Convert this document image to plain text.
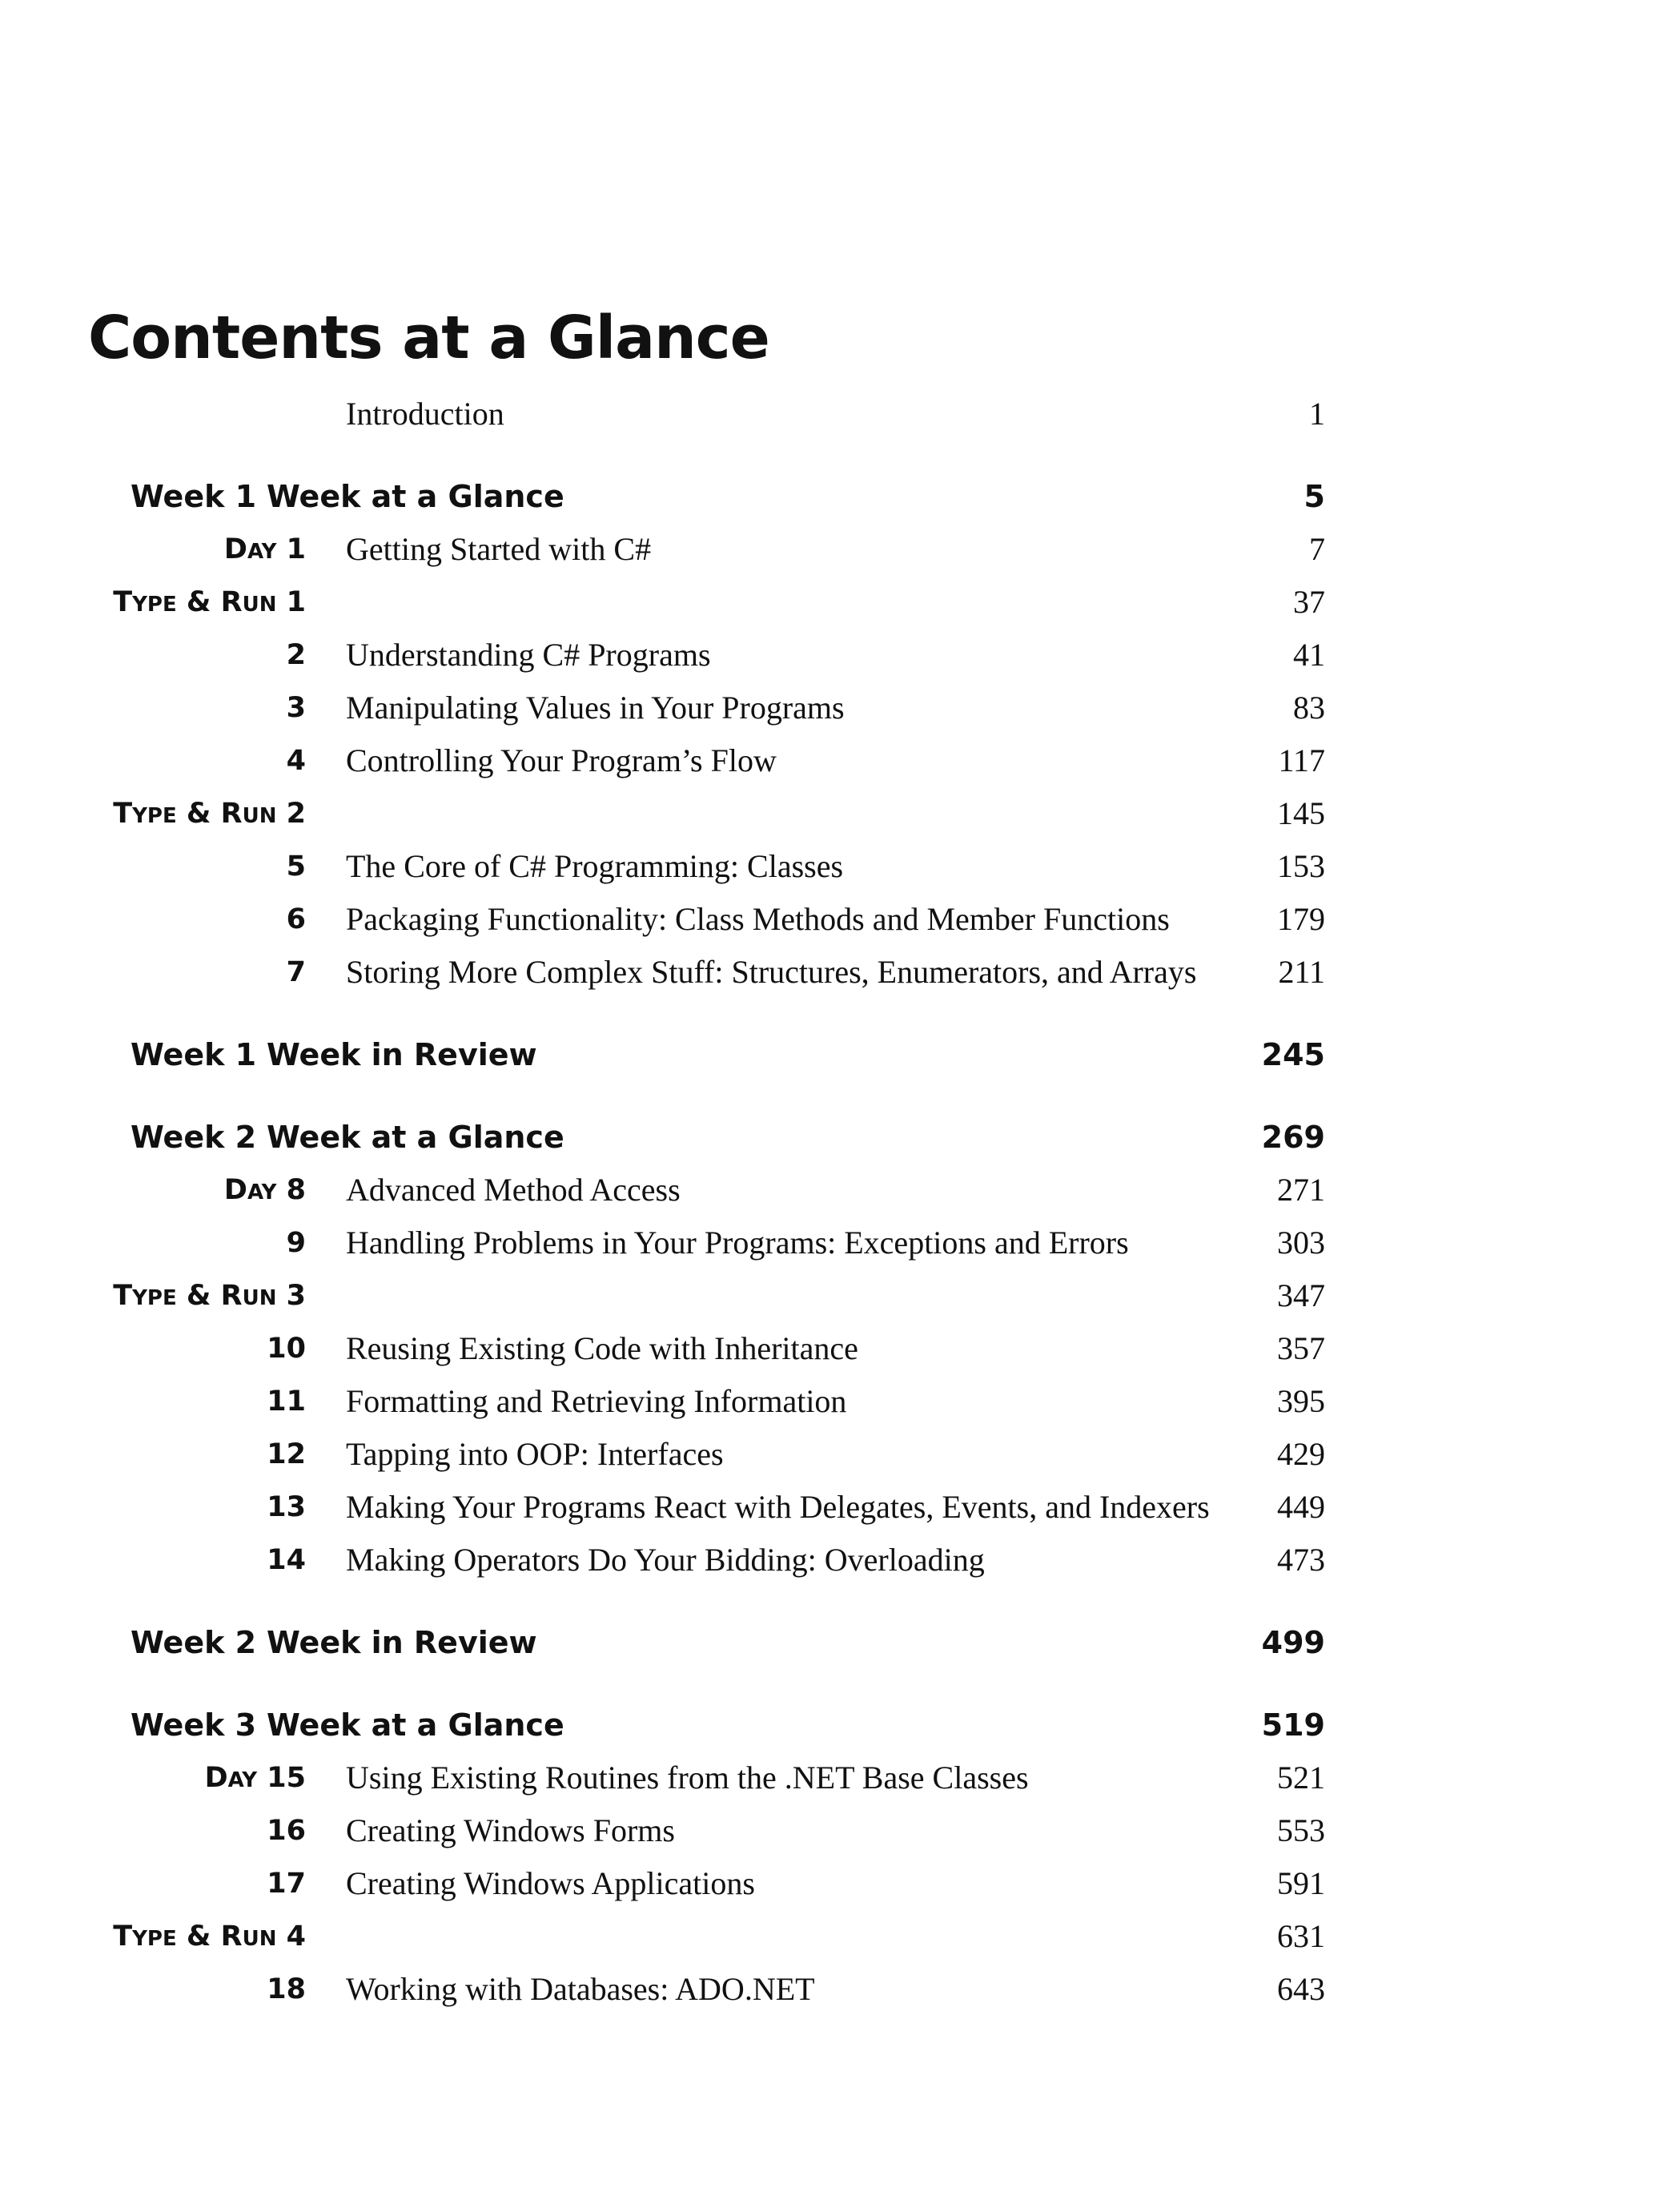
Contents at a Glance
Introduction	1
Week 1 Week at a Glance	5
DAY 1 Getting Started with C#	7
TYPE & RUN 1	37
2 Understanding C# Programs	41
3 Manipulating Values in Your Programs	83
4 Controlling Your Program’s Flow	117
TYPE & RUN 2	145
5 The Core of C# Programming: Classes	153
6 Packaging Functionality: Class Methods and Member Functions	179
7 Storing More Complex Stuff: Structures, Enumerators, and Arrays	211
Week 1 Week in Review	245
Week 2 Week at a Glance	269
DAY 8 Advanced Method Access	271
9 Handling Problems in Your Programs: Exceptions and Errors	303
TYPE & RUN 3	347
10 Reusing Existing Code with Inheritance	357
11 Formatting and Retrieving Information	395
12 Tapping into OOP: Interfaces	429
13 Making Your Programs React with Delegates, Events, and Indexers 449
14 Making Operators Do Your Bidding: Overloading	473
Week 2 Week in Review	499
Week 3 Week at a Glance	519
DAY 15 Using Existing Routines from the .NET Base Classes	521
16 Creating Windows Forms	553
17 Creating Windows Applications	591
TYPE & RUN 4	631
18 Working with Databases: ADO.NET	643
